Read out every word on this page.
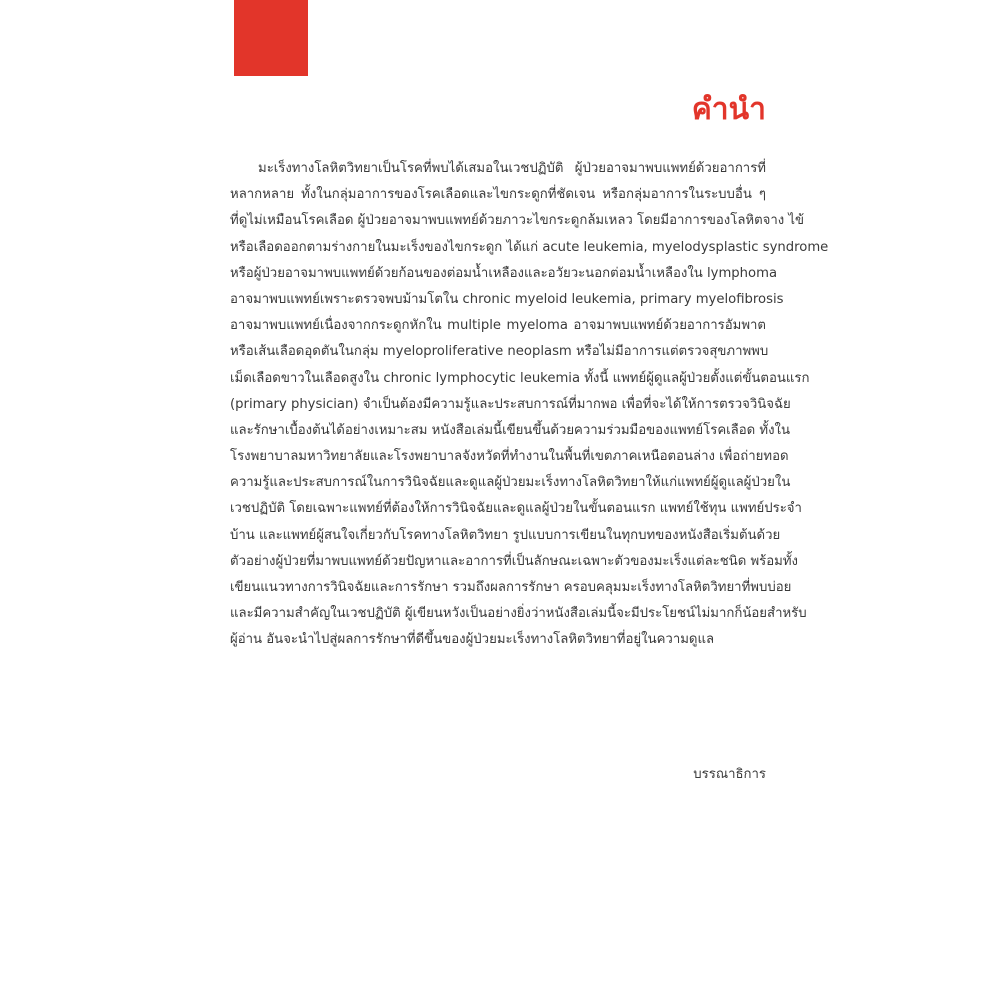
คำนำ
มะเร็งทางโลหิตวิทยาเป็นโรคที่พบได้เสมอในเวชปฏิบัติ ผู้ป่วยอาจมาพบแพทย์ด้วยอาการที่
หลากหลาย ทั้งในกลุ่มอาการของโรคเลือดและไขกระดูกที่ชัดเจน หรือกลุ่มอาการในระบบอื่น ๆ
ที่ดูไม่เหมือนโรคเลือด ผู้ป่วยอาจมาพบแพทย์ด้วยภาวะไขกระดูกล้มเหลว โดยมีอาการของโลหิตจาง ไข้
หรือเลือดออกตามร่างกายในมะเร็งของไขกระดูก ได้แก่ acute leukemia, myelodysplastic syndrome
หรือผู้ป่วยอาจมาพบแพทย์ด้วยก้อนของต่อมน้ำเหลืองและอวัยวะนอกต่อมน้ำเหลืองใน lymphoma
อาจมาพบแพทย์เพราะตรวจพบม้ามโตใน chronic myeloid leukemia, primary myelofibrosis
อาจมาพบแพทย์เนื่องจากกระดูกหักใน multiple myeloma อาจมาพบแพทย์ด้วยอาการอัมพาต
หรือเส้นเลือดอุดตันในกลุ่ม myeloproliferative neoplasm หรือไม่มีอาการแต่ตรวจสุขภาพพบ
เม็ดเลือดขาวในเลือดสูงใน chronic lymphocytic leukemia ทั้งนี้ แพทย์ผู้ดูแลผู้ป่วยตั้งแต่ขั้นตอนแรก
(primary physician) จำเป็นต้องมีความรู้และประสบการณ์ที่มากพอ เพื่อที่จะได้ให้การตรวจวินิจฉัย
และรักษาเบื้องต้นได้อย่างเหมาะสม หนังสือเล่มนี้เขียนขึ้นด้วยความร่วมมือของแพทย์โรคเลือด ทั้งใน
โรงพยาบาลมหาวิทยาลัยและโรงพยาบาลจังหวัดที่ทำงานในพื้นที่เขตภาคเหนือตอนล่าง เพื่อถ่ายทอด
ความรู้และประสบการณ์ในการวินิจฉัยและดูแลผู้ป่วยมะเร็งทางโลหิตวิทยาให้แก่แพทย์ผู้ดูแลผู้ป่วยใน
เวชปฏิบัติ โดยเฉพาะแพทย์ที่ต้องให้การวินิจฉัยและดูแลผู้ป่วยในขั้นตอนแรก แพทย์ใช้ทุน แพทย์ประจำ
บ้าน และแพทย์ผู้สนใจเกี่ยวกับโรคทางโลหิตวิทยา รูปแบบการเขียนในทุกบทของหนังสือเริ่มต้นด้วย
ตัวอย่างผู้ป่วยที่มาพบแพทย์ด้วยปัญหาและอาการที่เป็นลักษณะเฉพาะตัวของมะเร็งแต่ละชนิด พร้อมทั้ง
เขียนแนวทางการวินิจฉัยและการรักษา รวมถึงผลการรักษา ครอบคลุมมะเร็งทางโลหิตวิทยาที่พบบ่อย
และมีความสำคัญในเวชปฏิบัติ ผู้เขียนหวังเป็นอย่างยิ่งว่าหนังสือเล่มนี้จะมีประโยชน์ไม่มากก็น้อยสำหรับ
ผู้อ่าน อันจะนำไปสู่ผลการรักษาที่ดีขึ้นของผู้ป่วยมะเร็งทางโลหิตวิทยาที่อยู่ในความดูแล
บรรณาธิการ
